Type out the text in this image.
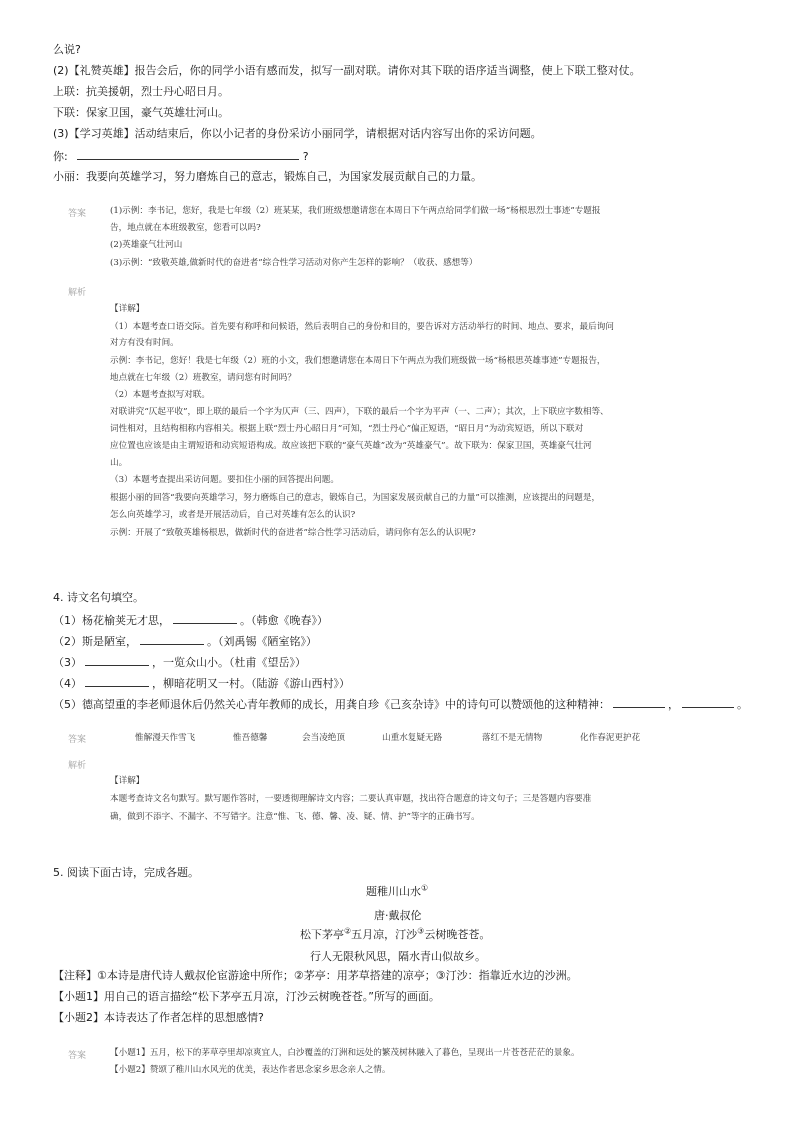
么说?
(2)【礼赞英雄】报告会后，你的同学小语有感而发，拟写一副对联。请你对其下联的语序适当调整，使上下联工整对仗。
上联：抗美援朝，烈士丹心昭日月。
下联：保家卫国，豪气英雄壮河山。
(3)【学习英雄】活动结束后，你以小记者的身份采访小丽同学，请根据对话内容写出你的采访问题。
你:	?
小丽：我要向英雄学习，努力磨炼自己的意志，锻炼自己，为国家发展贡献自己的力量。
答案	(1)示例：李书记，您好，我是七年级（2）班某某，我们班级想邀请您在本周日下午两点给同学们做一场“杨根思烈士事迹”专题报
告，地点就在本班级教室，您看可以吗?
(2)英雄豪气壮河山
(3)示例：“致敬英雄,做新时代的奋进者”综合性学习活动对你产生怎样的影响？（收获、感想等）
解析
【详解】
（1）本题考查口语交际。首先要有称呼和问候语，然后表明自己的身份和目的，要告诉对方活动举行的时间、地点、要求，最后询问
对方有没有时间。
示例：李书记，您好！我是七年级（2）班的小文，我们想邀请您在本周日下午两点为我们班级做一场“杨根思英雄事迹”专题报告，
地点就在七年级（2）班教室，请问您有时间吗？
（2）本题考查拟写对联。
对联讲究“仄起平收”，即上联的最后一个字为仄声（三、四声），下联的最后一个字为平声（一、二声）；其次，上下联应字数相等、
词性相对，且结构相称内容相关。根据上联“烈士丹心昭日月”可知，“烈士丹心”偏正短语，“昭日月”为动宾短语，所以下联对
应位置也应该是由主谓短语和动宾短语构成。故应该把下联的“豪气英雄”改为“英雄豪气”。故下联为：保家卫国，英雄豪气壮河
山。
（3）本题考查提出采访问题。要扣住小丽的回答提出问题。
根据小丽的回答“我要向英雄学习，努力磨炼自己的意志，锻炼自己，为国家发展贡献自己的力量”可以推测，应该提出的问题是，
怎么向英雄学习，或者是开展活动后，自己对英雄有怎么的认识?
示例：开展了“致敬英雄杨根思，做新时代的奋进者”综合性学习活动后，请问你有怎么的认识呢?
4. 诗文名句填空。
（1）杨花榆荚无才思，	。（韩愈《晚春》）
（2）斯是陋室，	。（刘禹锡《陋室铭》）
（3）	，一览众山小。（杜甫《望岳》）
（4）	，柳暗花明又一村。（陆游《游山西村》）
（5）德高望重的李老师退休后仍然关心青年教师的成长，用龚自珍《己亥杂诗》中的诗句可以赞颂他的这种精神：	，	。
答案	惟解漫天作雪飞	惟吾德馨	会当凌绝顶	山重水复疑无路	落红不是无情物	化作春泥更护花
解析
【详解】
本题考查诗文名句默写。默写题作答时，一要透彻理解诗文内容；二要认真审题，找出符合题意的诗文句子；三是答题内容要准
确，做到不添字、不漏字、不写错字。注意“惟、飞、德、馨、凌、疑、情、护”等字的正确书写。
5. 阅读下面古诗，完成各题。
题稚川山水①
唐·戴叔伦
松下茅亭②五月凉，汀沙③云树晚苍苍。
行人无限秋风思，隔水青山似故乡。
【注释】①本诗是唐代诗人戴叔伦宦游途中所作；②茅亭：用茅草搭建的凉亭；③汀沙：指靠近水边的沙洲。
【小题1】用自己的语言描绘“松下茅亭五月凉，汀沙云树晚苍苍。”所写的画面。
【小题2】本诗表达了作者怎样的思想感情?
答案	【小题1】五月，松下的茅草亭里却凉爽宜人，白沙覆盖的汀洲和远处的繁茂树林融入了暮色，呈现出一片苍苍茫茫的景象。
【小题2】赞颂了稚川山水风光的优美，表达作者思念家乡思念亲人之情。
